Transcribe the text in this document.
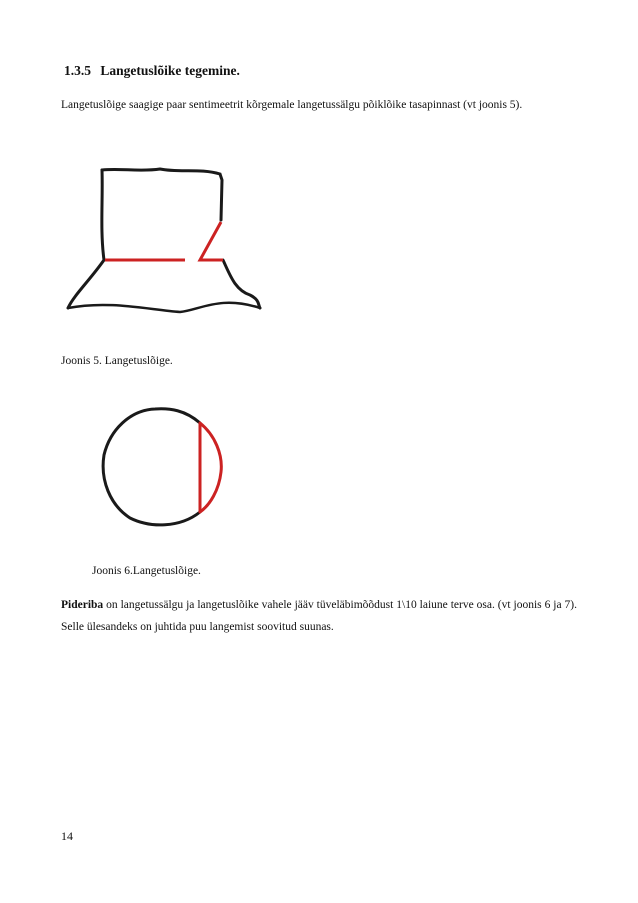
1.3.5 Langetuslõike tegemine.
Langetuslõige saagige paar sentimeetrit kõrgemale langetussälgu põiklõike tasapinnast (vt joonis 5).
Joonis 5. Langetuslõige.
Joonis 6.Langetuslõige.
Pideriba on langetussälgu ja langetuslõike vahele jääv tüveläbimõõdust 1\10 laiune terve osa. (vt joonis 6 ja 7). Selle ülesandeks on juhtida puu langemist soovitud suunas.
14
